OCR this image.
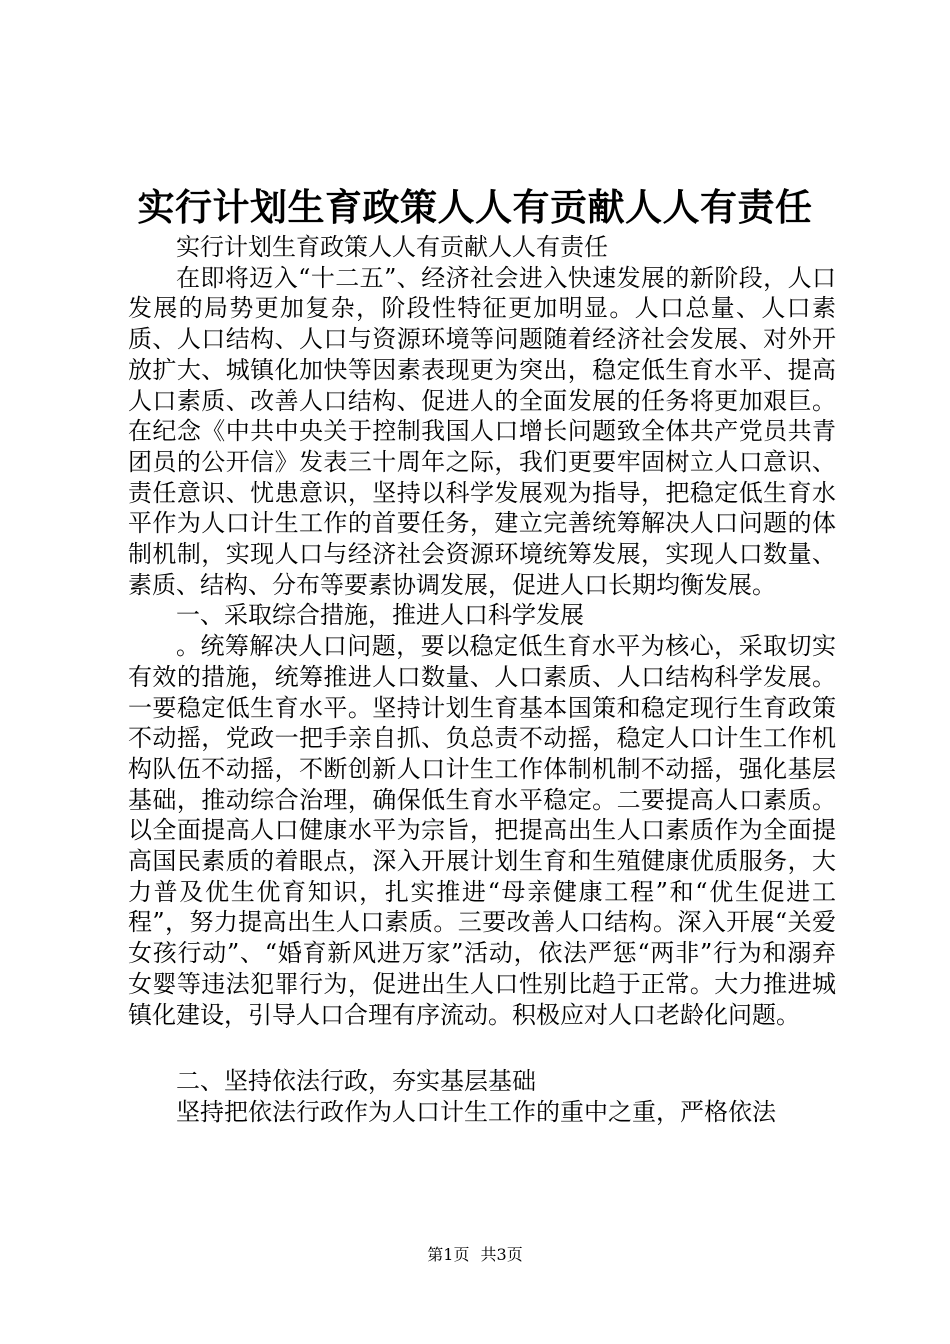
实行计划生育政策人人有贡献人人有责任

实行计划生育政策人人有贡献人人有责任

在即将迈入“十二五”、经济社会进入快速发展的新阶段，人口发展的局势更加复杂，阶段性特征更加明显。人口总量、人口素质、人口结构、人口与资源环境等问题随着经济社会发展、对外开放扩大、城镇化加快等因素表现更为突出，稳定低生育水平、提高人口素质、改善人口结构、促进人的全面发展的任务将更加艰巨。在纪念《中共中央关于控制我国人口增长问题致全体共产党员共青团员的公开信》发表三十周年之际，我们更要牢固树立人口意识、责任意识、忧患意识，坚持以科学发展观为指导，把稳定低生育水平作为人口计生工作的首要任务，建立完善统筹解决人口问题的体制机制，实现人口与经济社会资源环境统筹发展，实现人口数量、素质、结构、分布等要素协调发展，促进人口长期均衡发展。

一、采取综合措施，推进人口科学发展

。统筹解决人口问题，要以稳定低生育水平为核心，采取切实有效的措施，统筹推进人口数量、人口素质、人口结构科学发展。一要稳定低生育水平。坚持计划生育基本国策和稳定现行生育政策不动摇，党政一把手亲自抓、负总责不动摇，稳定人口计生工作机构队伍不动摇，不断创新人口计生工作体制机制不动摇，强化基层基础，推动综合治理，确保低生育水平稳定。二要提高人口素质。以全面提高人口健康水平为宗旨，把提高出生人口素质作为全面提高国民素质的着眼点，深入开展计划生育和生殖健康优质服务，大力普及优生优育知识，扎实推进“母亲健康工程”和“优生促进工程”，努力提高出生人口素质。三要改善人口结构。深入开展“关爱女孩行动”、“婚育新风进万家”活动，依法严惩“两非”行为和溺弃女婴等违法犯罪行为，促进出生人口性别比趋于正常。大力推进城镇化建设，引导人口合理有序流动。积极应对人口老龄化问题。

二、坚持依法行政，夯实基层基础

坚持把依法行政作为人口计生工作的重中之重，严格依法

第1页 共3页
